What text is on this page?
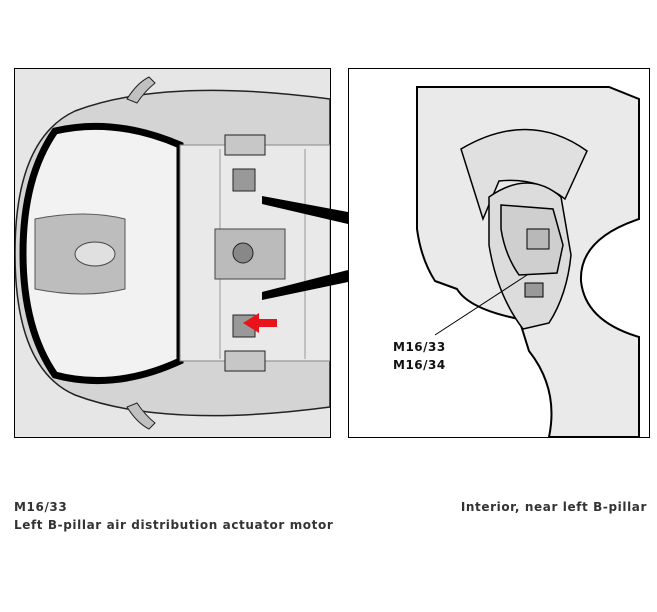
M16/33
M16/34
M16/33
Left B-pillar air distribution actuator motor
Interior, near left B-pillar
